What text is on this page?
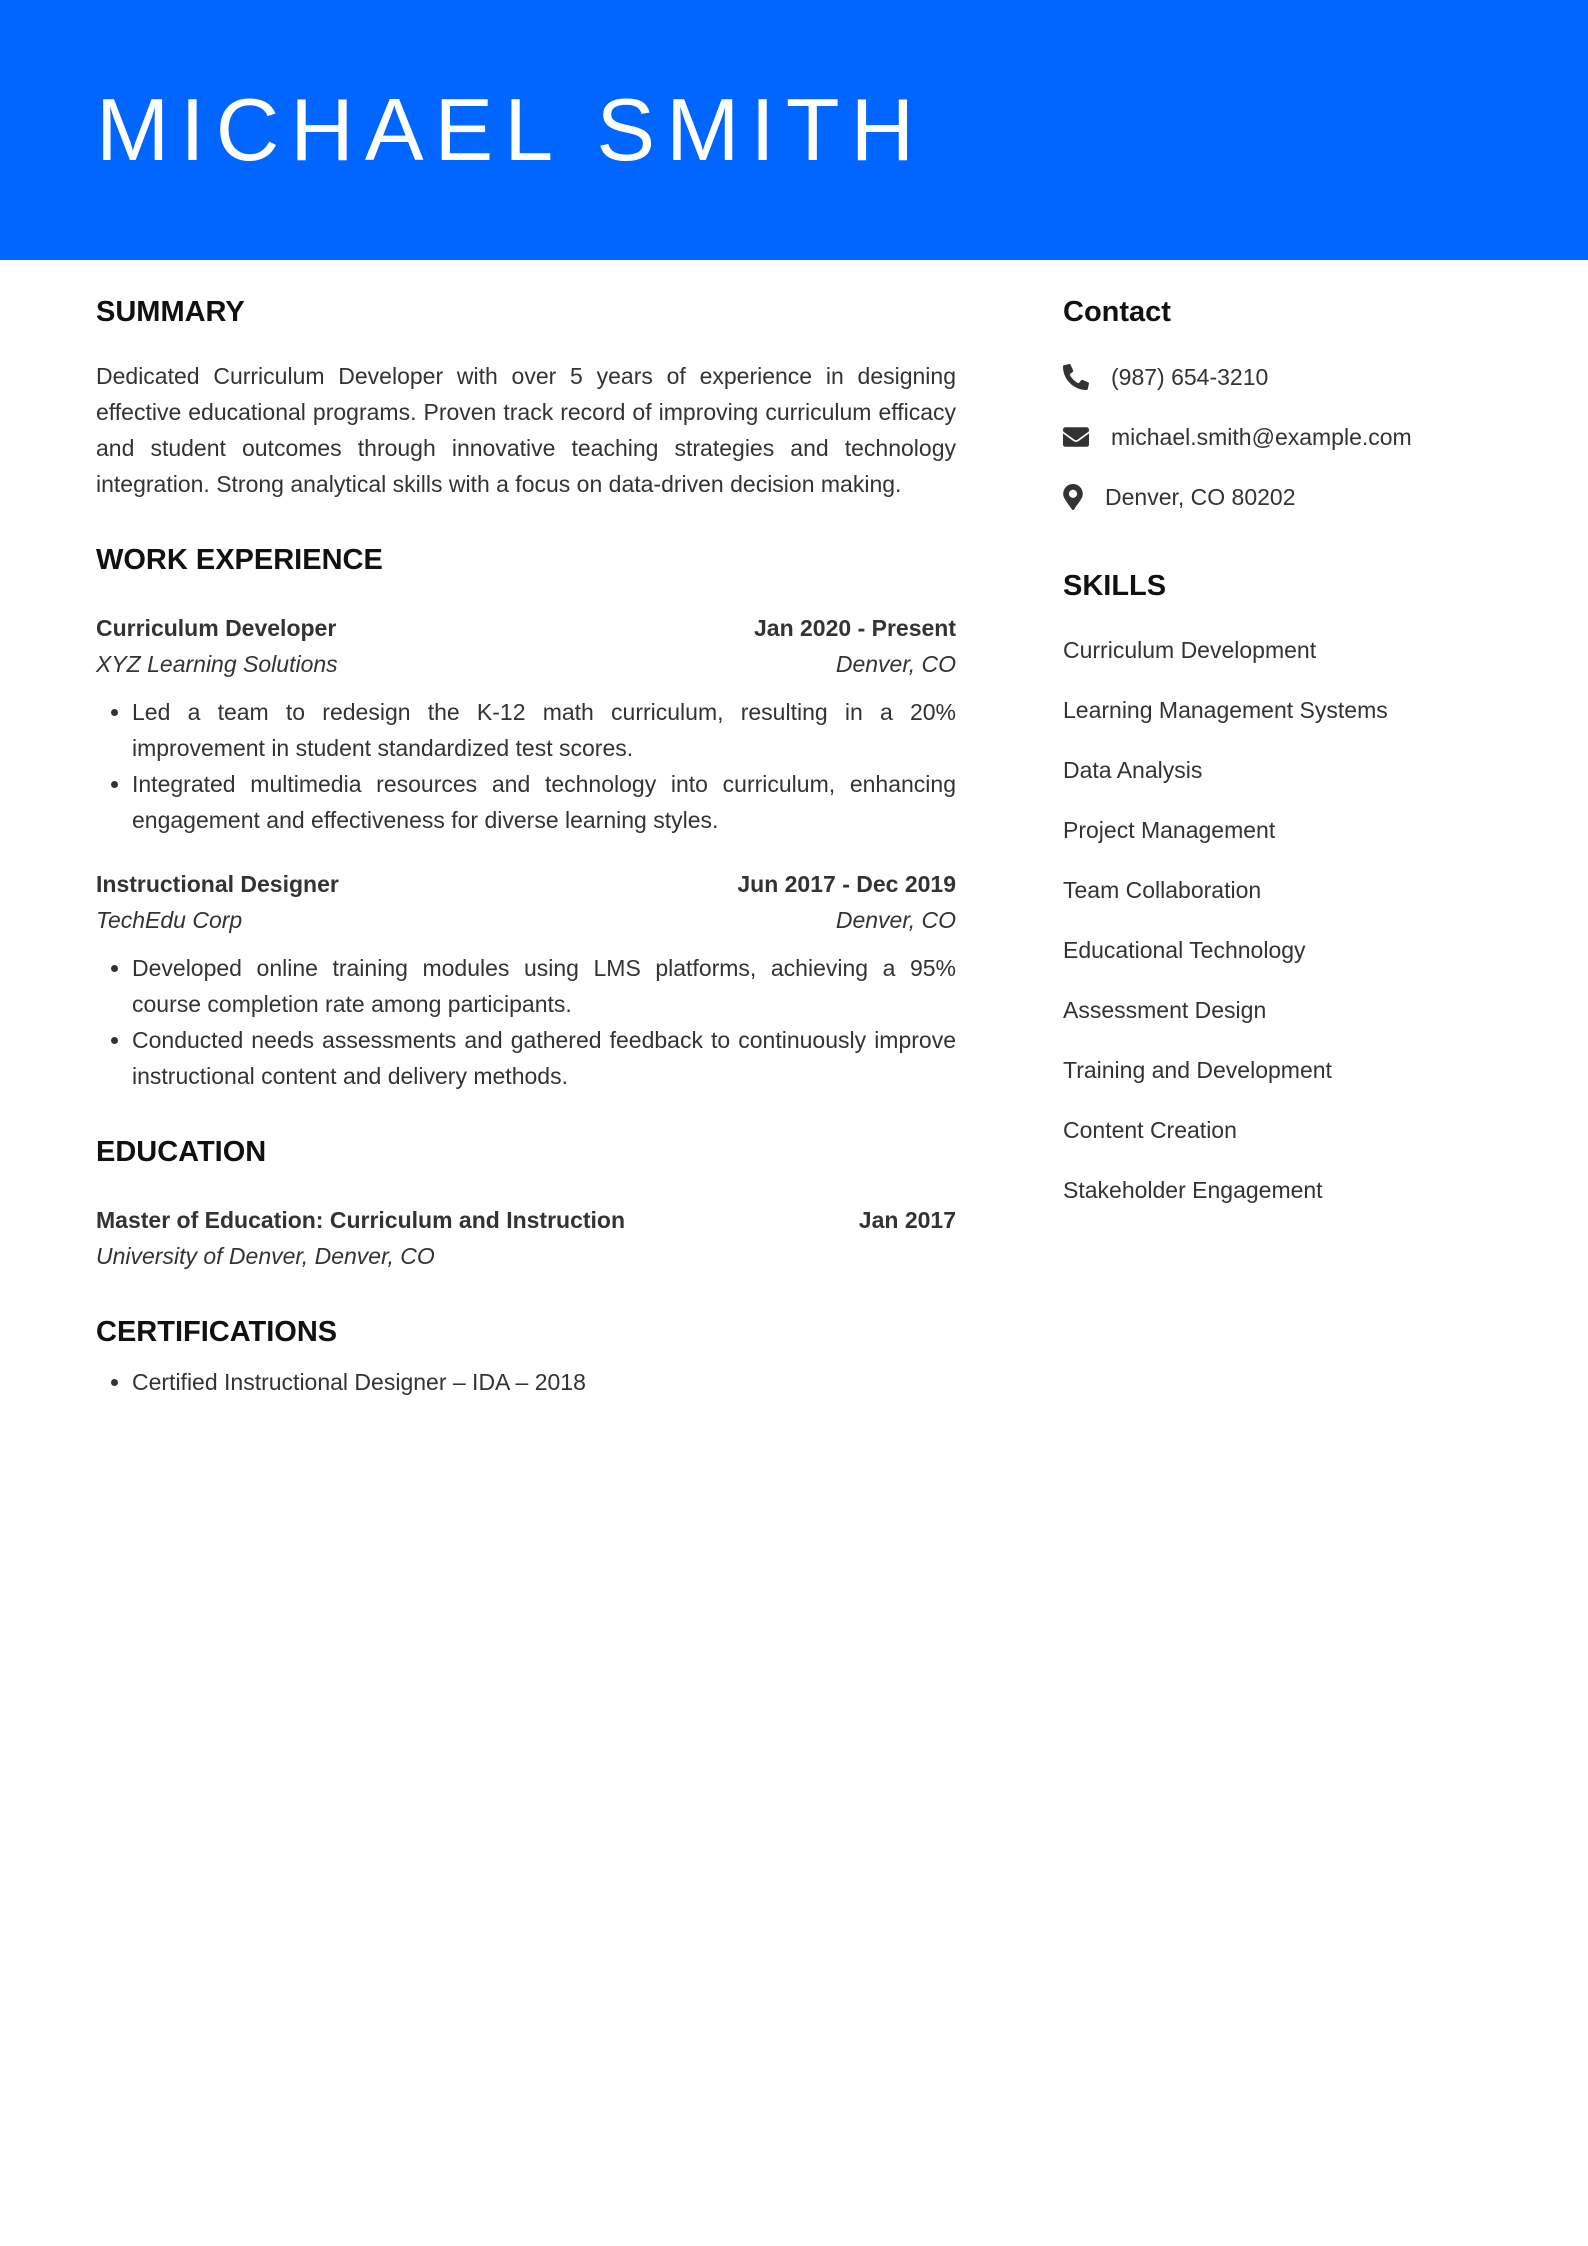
MICHAEL SMITH
SUMMARY

Dedicated Curriculum Developer with over 5 years of experience in designing effective educational programs. Proven track record of improving curriculum efficacy and student outcomes through innovative teaching strategies and technology integration. Strong analytical skills with a focus on data-driven decision making.

WORK EXPERIENCE
Curriculum Developer	Jan 2020 - Present
XYZ Learning Solutions	Denver, CO
• Led a team to redesign the K-12 math curriculum, resulting in a 20% improvement in student standardized test scores.
• Integrated multimedia resources and technology into curriculum, enhancing engagement and effectiveness for diverse learning styles.
Instructional Designer	Jun 2017 - Dec 2019
TechEdu Corp	Denver, CO
• Developed online training modules using LMS platforms, achieving a 95% course completion rate among participants.
• Conducted needs assessments and gathered feedback to continuously improve instructional content and delivery methods.
EDUCATION
Master of Education: Curriculum and Instruction	Jan 2017
University of Denver, Denver, CO
CERTIFICATIONS
• Certified Instructional Designer – IDA – 2018
Contact
(987) 654-3210
michael.smith@example.com
Denver, CO 80202
SKILLS
Curriculum Development
Learning Management Systems
Data Analysis
Project Management
Team Collaboration
Educational Technology
Assessment Design
Training and Development
Content Creation
Stakeholder Engagement
